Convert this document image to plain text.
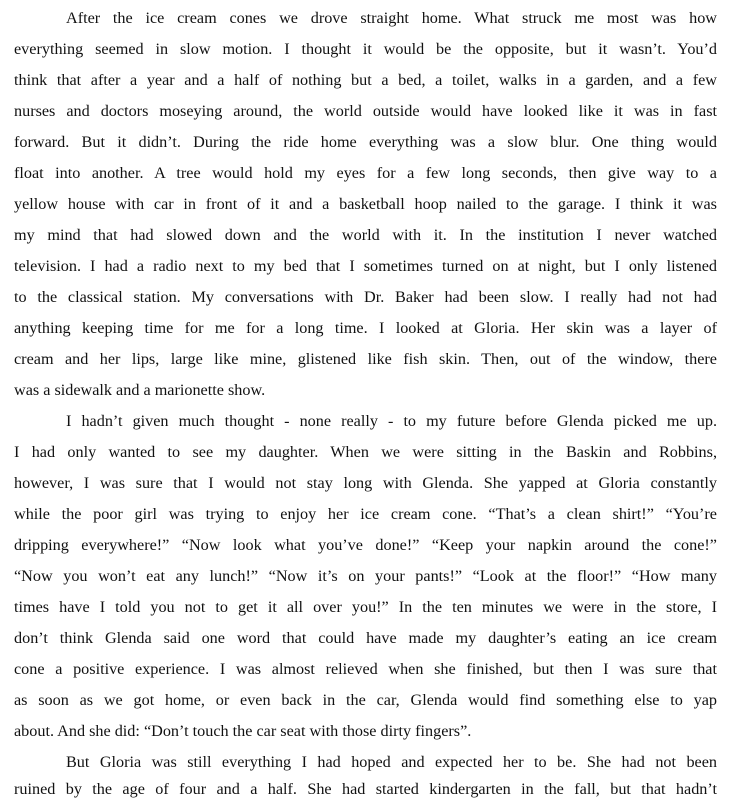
After the ice cream cones we drove straight home. What struck me most was how
everything seemed in slow motion. I thought it would be the opposite, but it wasn’t. You’d
think that after a year and a half of nothing but a bed, a toilet, walks in a garden, and a few
nurses and doctors moseying around, the world outside would have looked like it was in fast
forward. But it didn’t. During the ride home everything was a slow blur. One thing would
float into another. A tree would hold my eyes for a few long seconds, then give way to a
yellow house with car in front of it and a basketball hoop nailed to the garage. I think it was
my mind that had slowed down and the world with it. In the institution I never watched
television. I had a radio next to my bed that I sometimes turned on at night, but I only listened
to the classical station. My conversations with Dr. Baker had been slow. I really had not had
anything keeping time for me for a long time. I looked at Gloria. Her skin was a layer of
cream and her lips, large like mine, glistened like fish skin. Then, out of the window, there
was a sidewalk and a marionette show.
I hadn’t given much thought - none really - to my future before Glenda picked me up.
I had only wanted to see my daughter. When we were sitting in the Baskin and Robbins,
however, I was sure that I would not stay long with Glenda. She yapped at Gloria constantly
while the poor girl was trying to enjoy her ice cream cone. “That’s a clean shirt!” “You’re
dripping everywhere!” “Now look what you’ve done!” “Keep your napkin around the cone!”
“Now you won’t eat any lunch!” “Now it’s on your pants!” “Look at the floor!” “How many
times have I told you not to get it all over you!” In the ten minutes we were in the store, I
don’t think Glenda said one word that could have made my daughter’s eating an ice cream
cone a positive experience. I was almost relieved when she finished, but then I was sure that
as soon as we got home, or even back in the car, Glenda would find something else to yap
about. And she did: “Don’t touch the car seat with those dirty fingers”.
But Gloria was still everything I had hoped and expected her to be. She had not been
ruined by the age of four and a half. She had started kindergarten in the fall, but that hadn’t
